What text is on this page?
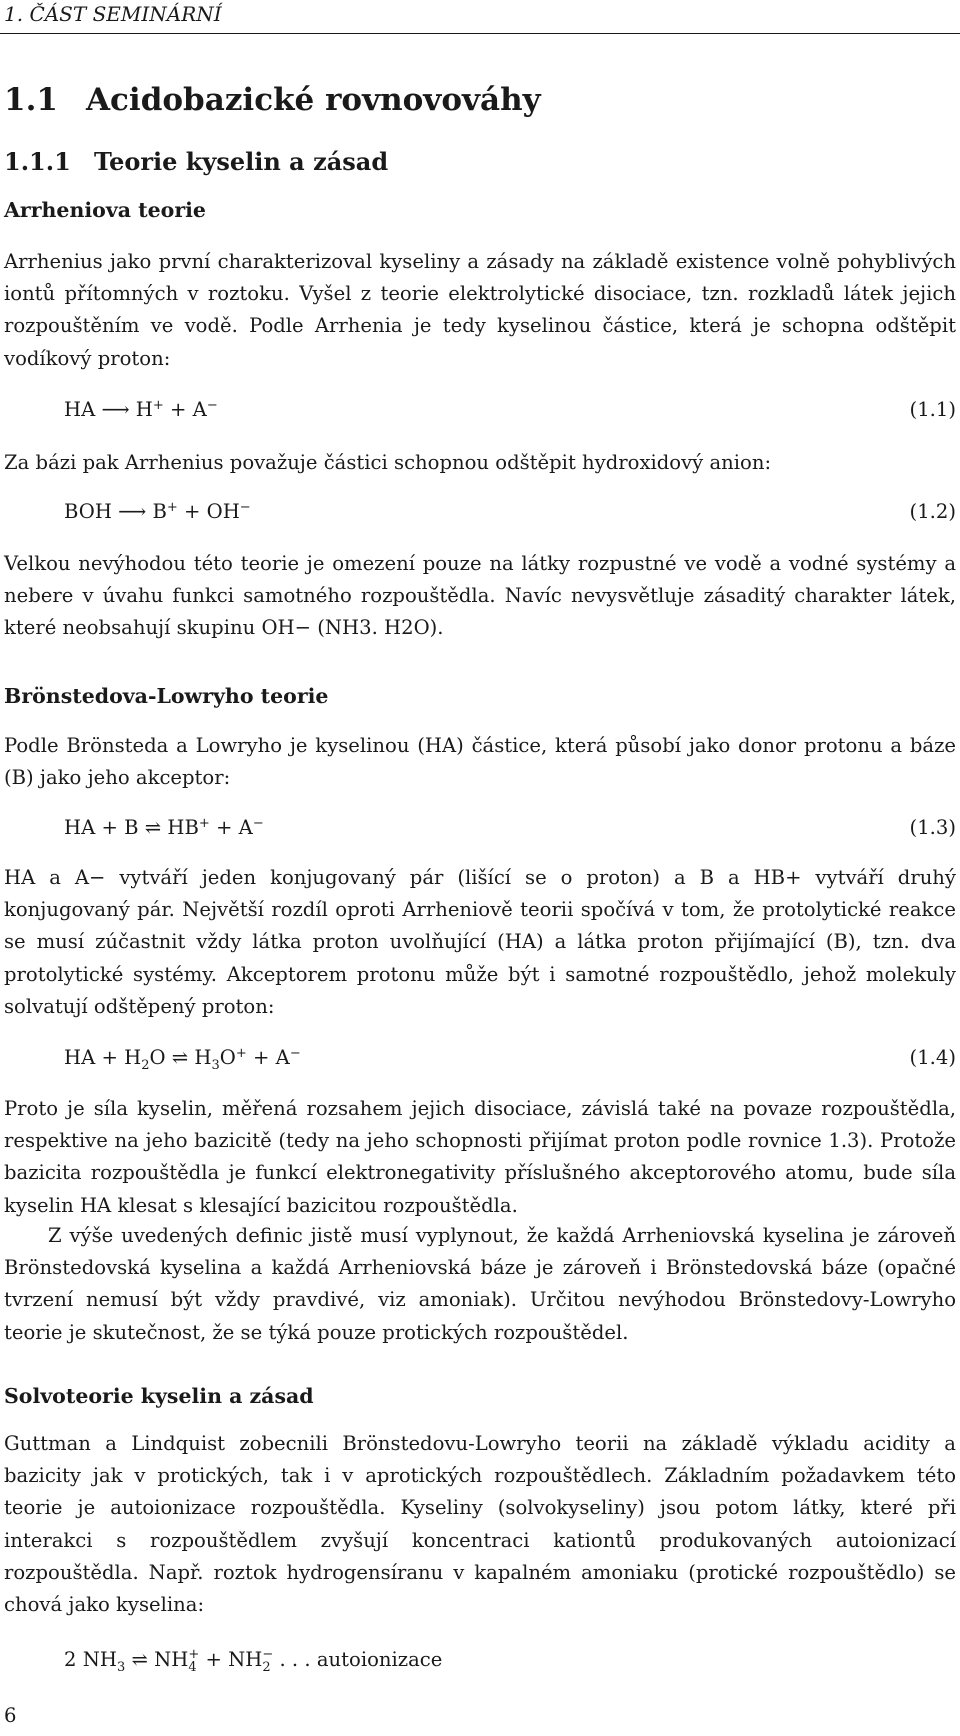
1. ČÁST SEMINÁRNÍ
1.1 Acidobazické rovnovováhy
1.1.1 Teorie kyselin a zásad
Arrheniova teorie

Arrhenius jako první charakterizoval kyseliny a zásady na základě existence volně pohyblivých iontů přítomných v roztoku. Vyšel z teorie elektrolytické disociace, tzn. rozkladů látek jejich rozpouštěním ve vodě. Podle Arrhenia je tedy kyselinou částice, která je schopna odštěpit vodíkový proton:

HA ⟶ H+ + A−	(1.1)

Za bázi pak Arrhenius považuje částici schopnou odštěpit hydroxidový anion:

BOH ⟶ B+ + OH−	(1.2)

Velkou nevýhodou této teorie je omezení pouze na látky rozpustné ve vodě a vodné systémy a nebere v úvahu funkci samotného rozpouštědla. Navíc nevysvětluje zásaditý charakter látek, které neobsahují skupinu OH− (NH3. H2O).

Brönstedova-Lowryho teorie

Podle Brönsteda a Lowryho je kyselinou (HA) částice, která působí jako donor protonu a báze (B) jako jeho akceptor:

HA + B ⇌ HB+ + A−	(1.3)

HA a A− vytváří jeden konjugovaný pár (lišící se o proton) a B a HB+ vytváří druhý konjugovaný pár. Největší rozdíl oproti Arrheniově teorii spočívá v tom, že protolytické reakce se musí zúčastnit vždy látka proton uvolňující (HA) a látka proton přijímající (B), tzn. dva protolytické systémy. Akceptorem protonu může být i samotné rozpouštědlo, jehož molekuly solvatují odštěpený proton:

HA + $H_2O$ ⇌ $H_3O^+ + A^-$	(1.4)

Proto je síla kyselin, měřená rozsahem jejich disociace, závislá také na povaze rozpouštědla, respektive na jeho bazicitě (tedy na jeho schopnosti přijímat proton podle rovnice 1.3). Protože bazicita rozpouštědla je funkcí elektronegativity příslušného akceptorového atomu, bude síla kyselin HA klesat s klesající bazicitou rozpouštědla.

Z výše uvedených definic jistě musí vyplynout, že každá Arrheniovská kyselina je zároveň Brönstedovská kyselina a každá Arrheniovská báze je zároveň i Brönstedovská báze (opačné tvrzení nemusí být vždy pravdivé, viz amoniak). Určitou nevýhodou Brönstedovy-Lowryho teorie je skutečnost, že se týká pouze protických rozpouštědel.

Solvoteorie kyselin a zásad

Guttman a Lindquist zobecnili Brönstedovu-Lowryho teorii na základě výkladu acidity a bazicity jak v protických, tak i v aprotických rozpouštědlech. Základním požadavkem této teorie je autoionizace rozpouštědla. Kyseliny (solvokyseliny) jsou potom látky, které při interakci s rozpouštědlem zvyšují koncentraci kationtů produkovaných autoionizací rozpouštědla. Např. roztok hydrogensíranu v kapalném amoniaku (protické rozpouštědlo) se chová jako kyselina:

2 $NH_3$ ⇌ NH +
4 + NH −
2 . . . autoionizace
6
